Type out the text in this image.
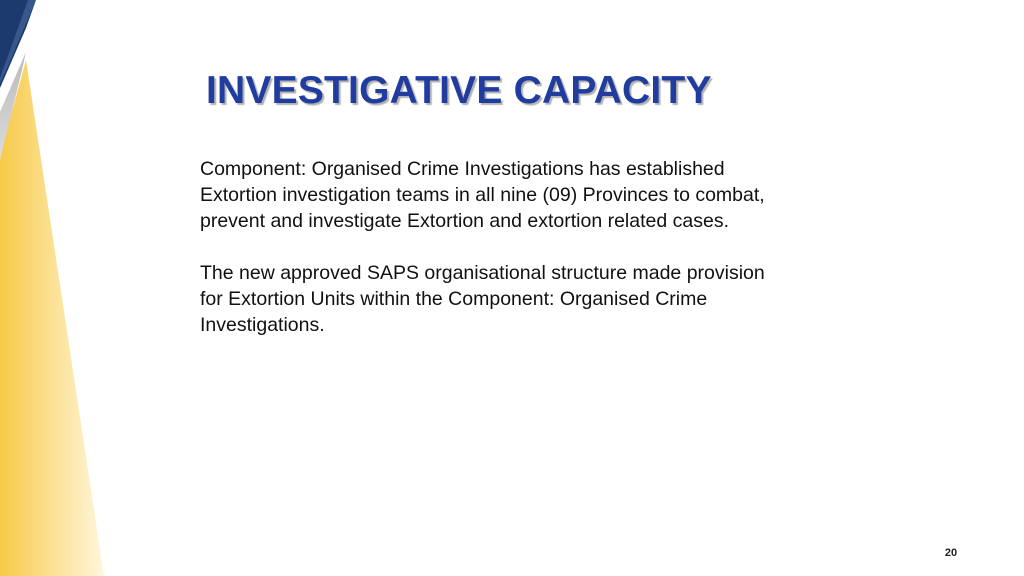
INVESTIGATIVE CAPACITY

Component: Organised Crime Investigations has established
Extortion investigation teams in all nine (09) Provinces to combat,
prevent and investigate Extortion and extortion related cases.

The new approved SAPS organisational structure made provision
for Extortion Units within the Component: Organised Crime
Investigations.

20
